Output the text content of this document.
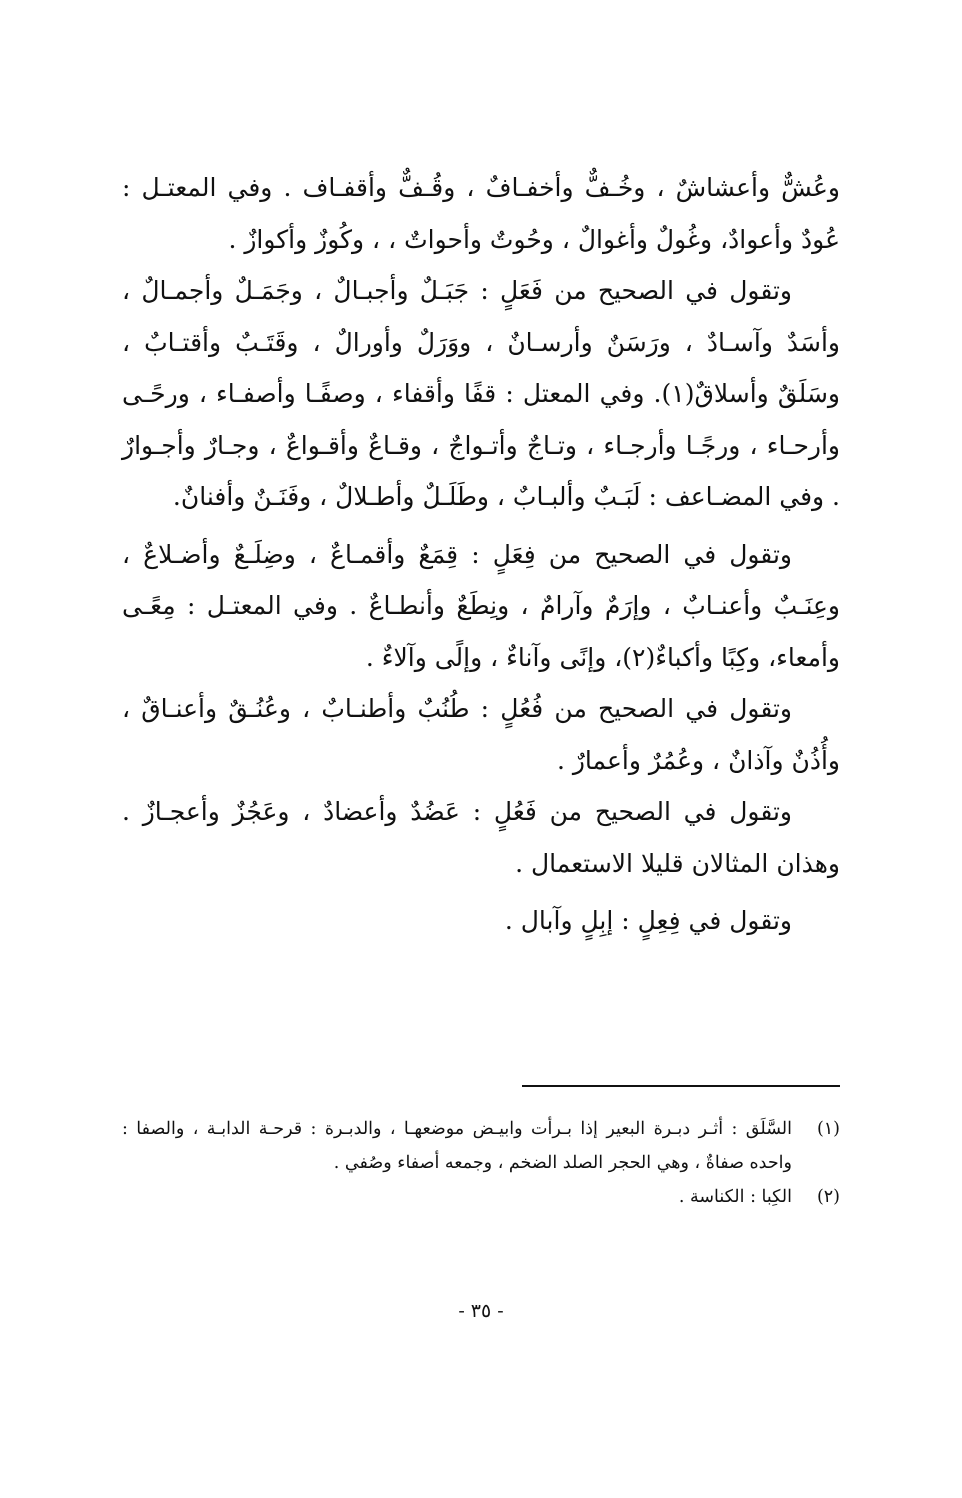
وعُشٌّ وأعشاشٌ ، وخُـفٌّ وأخفـافٌ ، وقُـفٌّ وأقفـاف . وفي المعتـل : عُودٌ وأعوادٌ، وغُولٌ وأغوالٌ ، وحُوتٌ وأحواتٌ ، ، وكُوزٌ وأكوازٌ .

وتقول في الصحيح من فَعَلٍ : جَبَـلٌ وأجبـالٌ ، وجَمَـلٌ وأجمـالٌ ، وأسَدٌ وآسـادٌ ، ورَسَنٌ وأرسـانٌ ، ووَرَلٌ وأورالٌ ، وقَتَـبٌ وأقتـابٌ ، وسَلَقٌ وأسلاقٌ(١). وفي المعتل : قفًا وأقفاء ، وصفًـا وأصفـاء ، ورحًـى وأرحـاء ، ورجًـا وأرجـاء ، وتـاجٌ وأتـواجٌ ، وقـاعٌ وأقـواعٌ ، وجـارٌ وأجـوارٌ . وفي المضـاعف : لَبَـبٌ وألبـابٌ ، وطَلَـلٌ وأطـلالٌ ، وفَنَـنٌ وأفنانٌ.

وتقول في الصحيح من فِعَلٍ : قِمَعٌ وأقمـاعٌ ، وضِلَـعٌ وأضـلاعٌ ، وعِنَـبٌ وأعنـابٌ ، وإرَمٌ وآرامٌ ، ونِطَعٌ وأنطـاعٌ . وفي المعتـل : مِعًـى وأمعاء، وكِبًا وأكباءٌ(٢)، وإنًى وآناءٌ ، وإلًى وآلاءٌ .

وتقول في الصحيح من فُعُلٍ : طُنُبٌ وأطنـابٌ ، وعُنُـقٌ وأعنـاقٌ ، وأُذُنٌ وآذانٌ ، وعُمُرٌ وأعمارٌ .

وتقول في الصحيح من فَعُلٍ : عَضُدٌ وأعضادٌ ، وعَجُزٌ وأعجـازٌ . وهذان المثالان قليلا الاستعمال .

وتقول في فِعِلٍ : إبِلٍ وآبال .

(١)
السَّلَق : أثـر دبـرة البعير إذا بـرأت وابيـض موضعهـا ، والدبـرة : قرحـة الدابـة ، والصفا : واحده صفاةٌ ، وهي الحجر الصلد الضخم ، وجمعه أصفاء وصُفي .
(٢)
الكِبا : الكناسة .
- ٣٥ -
